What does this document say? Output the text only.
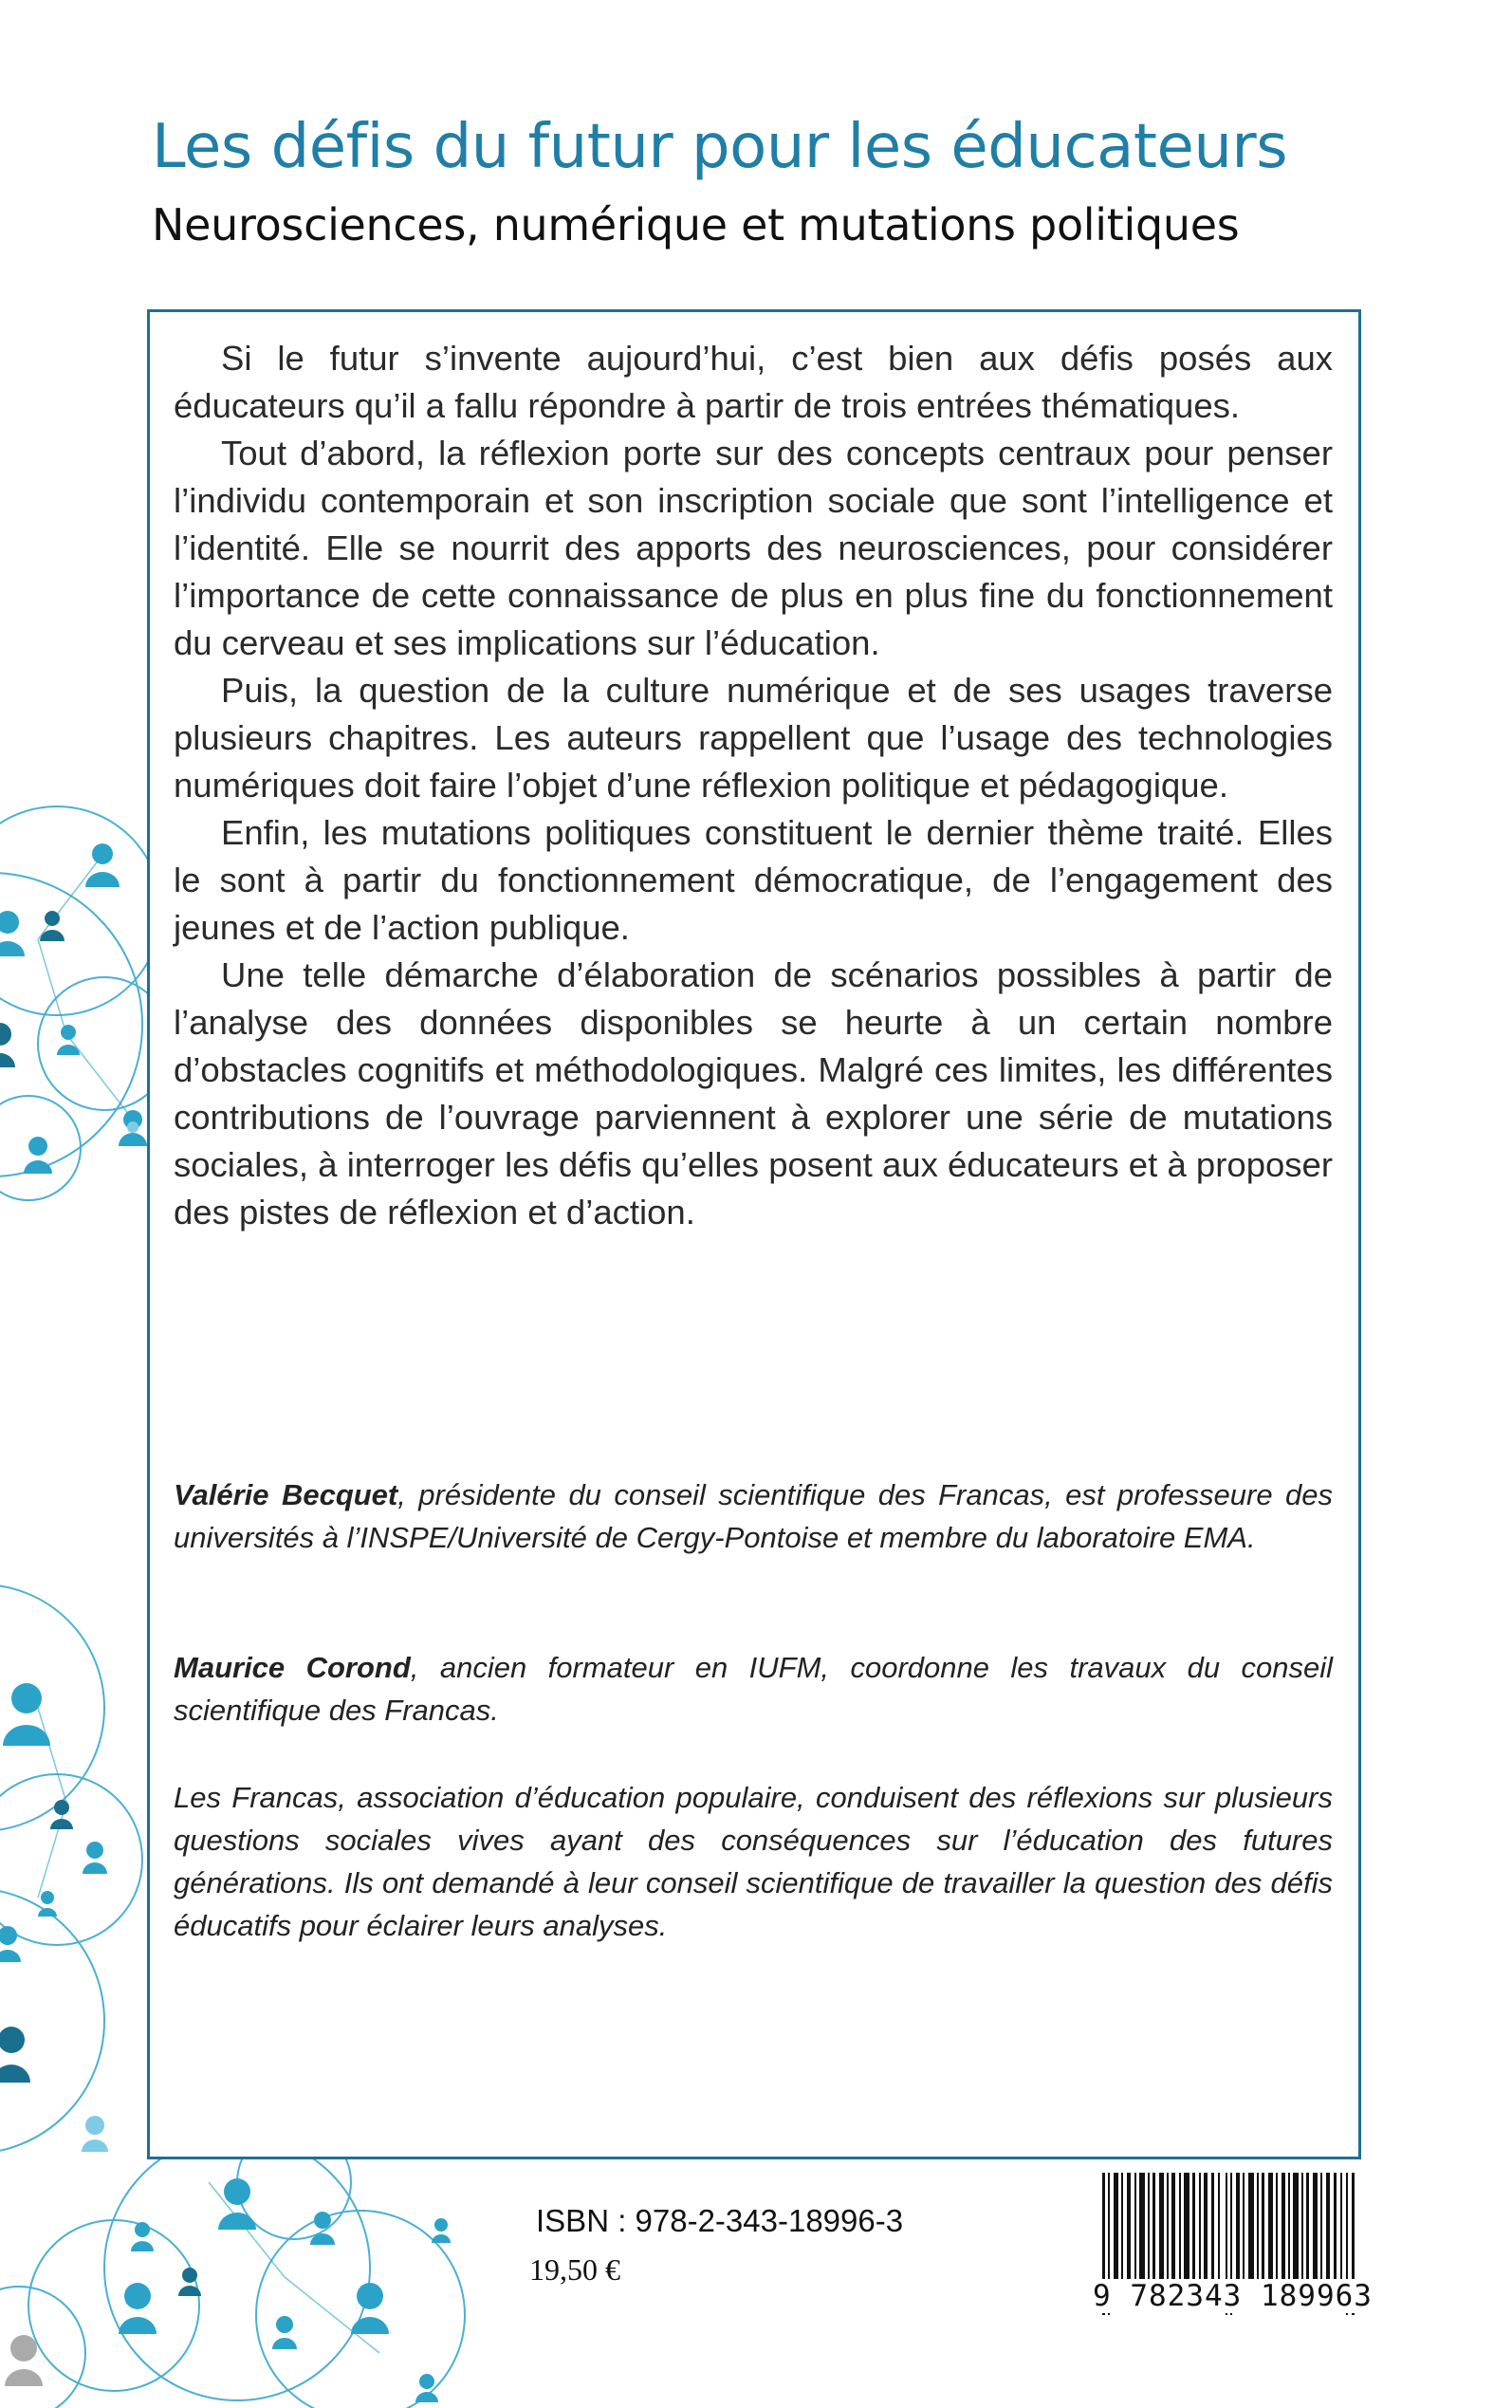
Les défis du futur pour les éducateurs
Neurosciences, numérique et mutations politiques

Si le futur s’invente aujourd’hui, c’est bien aux défis posés aux éducateurs qu’il a fallu répondre à partir de trois entrées thématiques.

Tout d’abord, la réflexion porte sur des concepts centraux pour penser l’individu contemporain et son inscription sociale que sont l’intelligence et l’identité. Elle se nourrit des apports des neurosciences, pour considérer l’importance de cette connaissance de plus en plus fine du fonctionnement du cerveau et ses implications sur l’éducation.

Puis, la question de la culture numérique et de ses usages traverse plusieurs chapitres. Les auteurs rappellent que l’usage des technologies numériques doit faire l’objet d’une réflexion politique et pédagogique.

Enfin, les mutations politiques constituent le dernier thème traité. Elles le sont à partir du fonctionnement démocratique, de l’engagement des jeunes et de l’action publique.

Une telle démarche d’élaboration de scénarios possibles à partir de l’analyse des données disponibles se heurte à un certain nombre d’obstacles cognitifs et méthodologiques. Malgré ces limites, les différentes contributions de l’ouvrage parviennent à explorer une série de mutations sociales, à interroger les défis qu’elles posent aux éducateurs et à proposer des pistes de réflexion et d’action.

Valérie Becquet, présidente du conseil scientifique des Francas, est professeure des universités à l’INSPE/Université de Cergy-Pontoise et membre du laboratoire EMA.

Maurice Corond, ancien formateur en IUFM, coordonne les travaux du conseil scientifique des Francas.

Les Francas, association d’éducation populaire, conduisent des réflexions sur plusieurs questions sociales vives ayant des conséquences sur l’éducation des futures générations. Ils ont demandé à leur conseil scientifique de travailler la question des défis éducatifs pour éclairer leurs analyses.

ISBN : 978-2-343-18996-3
19,50 €
9 782343 189963
